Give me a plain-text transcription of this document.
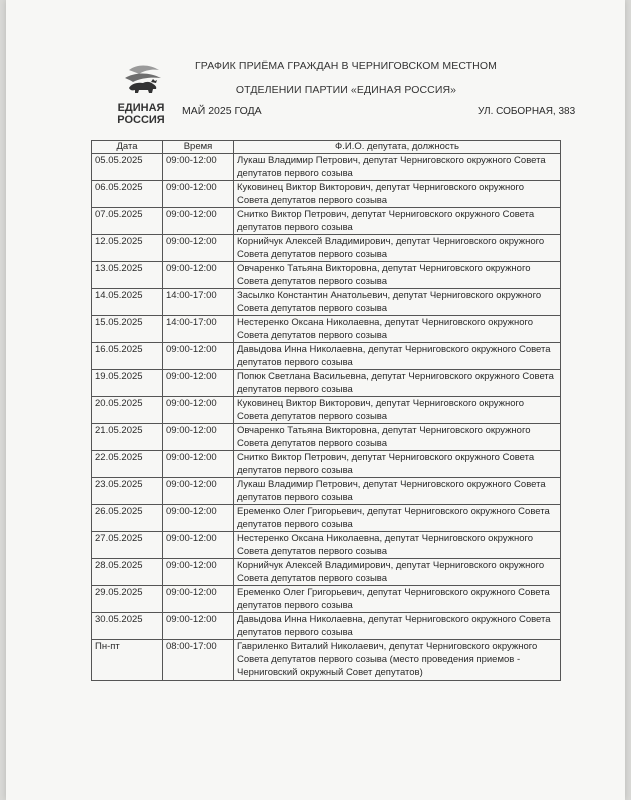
ЕДИНАЯ
РОССИЯ
ГРАФИК ПРИЁМА ГРАЖДАН В ЧЕРНИГОВСКОМ МЕСТНОМ
ОТДЕЛЕНИИ ПАРТИИ «ЕДИНАЯ РОССИЯ»
МАЙ 2025 ГОДА	УЛ. СОБОРНАЯ, 383
Дата	Время	Ф.И.О. депутата, должность
05.05.2025	09:00-12:00	Лукаш Владимир Петрович, депутат Черниговского окружного Совета депутатов первого созыва
06.05.2025	09:00-12:00	Куковинец Виктор Викторович, депутат Черниговского окружного Совета депутатов первого созыва
07.05.2025	09:00-12:00	Снитко Виктор Петрович, депутат Черниговского окружного Совета депутатов первого созыва
12.05.2025	09:00-12:00	Корнийчук Алексей Владимирович, депутат Черниговского окружного Совета депутатов первого созыва
13.05.2025	09:00-12:00	Овчаренко Татьяна Викторовна, депутат Черниговского окружного Совета депутатов первого созыва
14.05.2025	14:00-17:00	Засылко Константин Анатольевич, депутат Черниговского окружного Совета депутатов первого созыва
15.05.2025	14:00-17:00	Нестеренко Оксана Николаевна, депутат Черниговского окружного Совета депутатов первого созыва
16.05.2025	09:00-12:00	Давыдова Инна Николаевна, депутат Черниговского окружного Совета депутатов первого созыва
19.05.2025	09:00-12:00	Попюк Светлана Васильевна, депутат Черниговского окружного Совета депутатов первого созыва
20.05.2025	09:00-12:00	Куковинец Виктор Викторович, депутат Черниговского окружного Совета депутатов первого созыва
21.05.2025	09:00-12:00	Овчаренко Татьяна Викторовна, депутат Черниговского окружного Совета депутатов первого созыва
22.05.2025	09:00-12:00	Снитко Виктор Петрович, депутат Черниговского окружного Совета депутатов первого созыва
23.05.2025	09:00-12:00	Лукаш Владимир Петрович, депутат Черниговского окружного Совета депутатов первого созыва
26.05.2025	09:00-12:00	Еременко Олег Григорьевич, депутат Черниговского окружного Совета депутатов первого созыва
27.05.2025	09:00-12:00	Нестеренко Оксана Николаевна, депутат Черниговского окружного Совета депутатов первого созыва
28.05.2025	09:00-12:00	Корнийчук Алексей Владимирович, депутат Черниговского окружного Совета депутатов первого созыва
29.05.2025	09:00-12:00	Еременко Олег Григорьевич, депутат Черниговского окружного Совета депутатов первого созыва
30.05.2025	09:00-12:00	Давыдова Инна Николаевна, депутат Черниговского окружного Совета депутатов первого созыва
Пн-пт	08:00-17:00	Гавриленко Виталий Николаевич, депутат Черниговского окружного Совета депутатов первого созыва (место проведения приемов - Черниговский окружный Совет депутатов)
